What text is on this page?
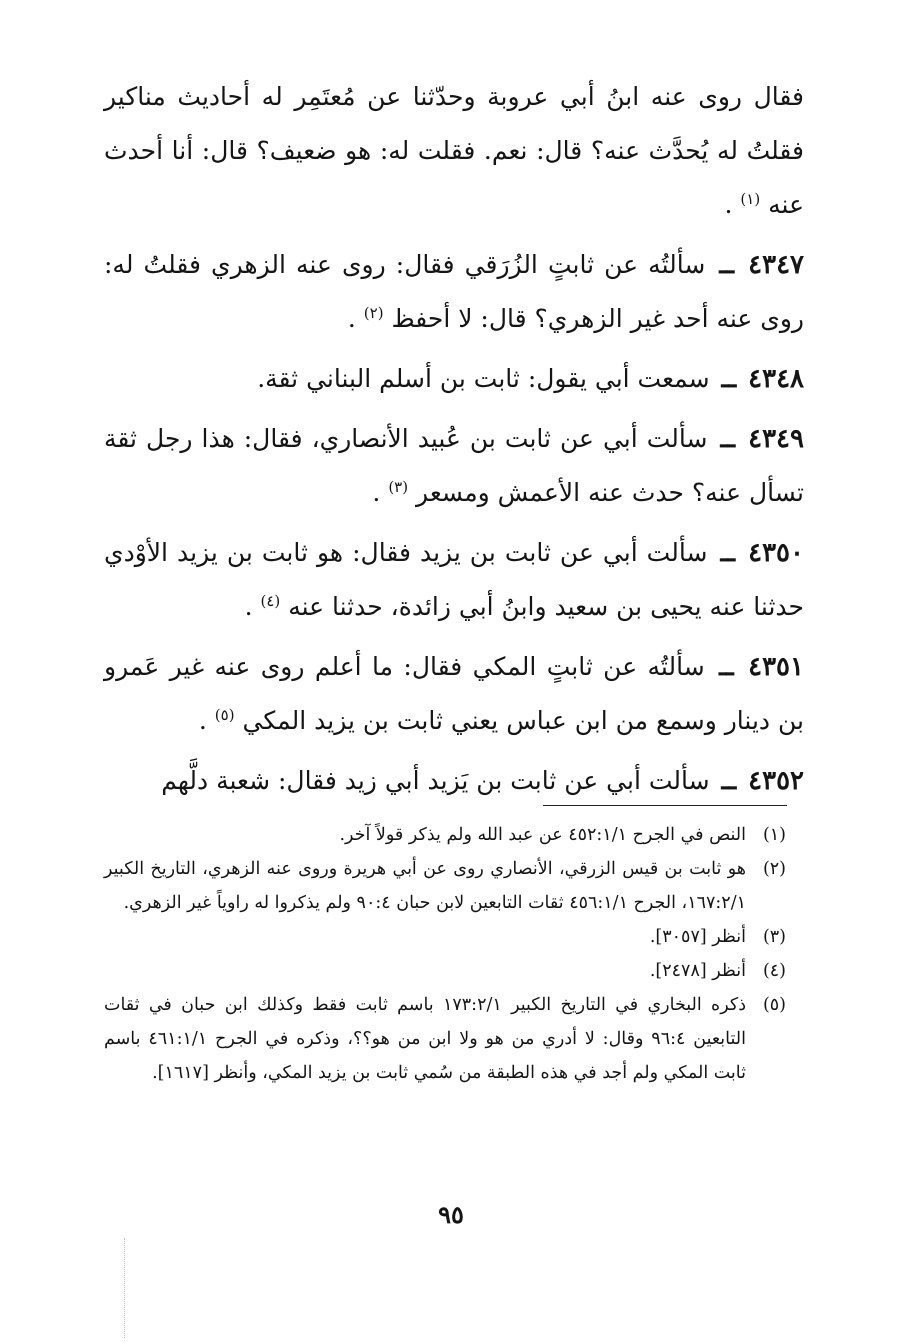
فقال روى عنه ابنُ أبي عروبة وحدّثنا عن مُعتَمِر له أحاديث مناكير فقلتُ له يُحدَّث عنه؟ قال: نعم. فقلت له: هو ضعيف؟ قال: أنا أحدث عنه $^{(١)}$ .

٤٣٤٧ ــ سألتُه عن ثابتٍ الزُرَقي فقال: روى عنه الزهري فقلتُ له: روى عنه أحد غير الزهري؟ قال: لا أحفظ $^{(٢)}$ .

٤٣٤٨ ــ سمعت أبي يقول: ثابت بن أسلم البناني ثقة.

٤٣٤٩ ــ سألت أبي عن ثابت بن عُبيد الأنصاري، فقال: هذا رجل ثقة تسأل عنه؟ حدث عنه الأعمش ومسعر $^{(٣)}$ .

٤٣٥٠ ــ سألت أبي عن ثابت بن يزيد فقال: هو ثابت بن يزيد الأوْدي حدثنا عنه يحيى بن سعيد وابنُ أبي زائدة، حدثنا عنه $^{(٤)}$ .

٤٣٥١ ــ سألتُه عن ثابتٍ المكي فقال: ما أعلم روى عنه غير عَمرو بن دينار وسمع من ابن عباس يعني ثابت بن يزيد المكي $^{(٥)}$ .

٤٣٥٢ ــ سألت أبي عن ثابت بن يَزيد أبي زيد فقال: شعبة دلَّهم

(١)
النص في الجرح ٤٥٢:١/١ عن عبد الله ولم يذكر قولاً آخر.
(٢)
هو ثابت بن قيس الزرقي، الأنصاري روى عن أبي هريرة وروى عنه الزهري، التاريخ الكبير ١٦٧:٢/١، الجرح ٤٥٦:١/١ ثقات التابعين لابن حبان ٩٠:٤ ولم يذكروا له راوياً غير الزهري.
(٣)
أنظر [٣٠٥٧].
(٤)
أنظر [٢٤٧٨].
(٥)
ذكره البخاري في التاريخ الكبير ١٧٣:٢/١ باسم ثابت فقط وكذلك ابن حبان في ثقات التابعين ٩٦:٤ وقال: لا أدري من هو ولا ابن من هو؟؟، وذكره في الجرح ٤٦١:١/١ باسم ثابت المكي ولم أجد في هذه الطبقة من سُمي ثابت بن يزيد المكي، وأنظر [١٦١٧].
٩٥
